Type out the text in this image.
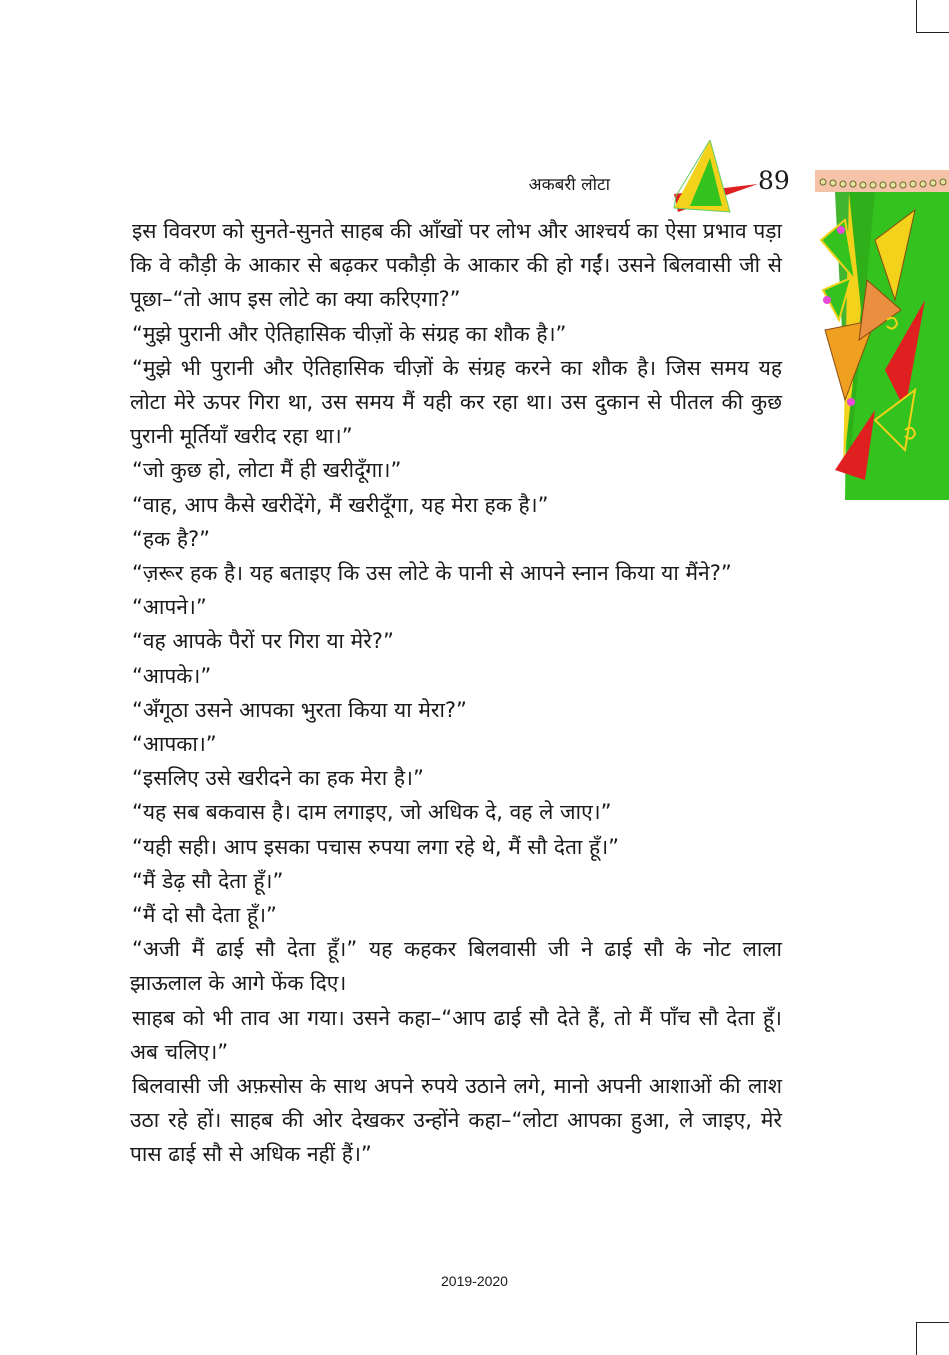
अकबरी लोटा	89

इस विवरण को सुनते-सुनते साहब की आँखों पर लोभ और आश्चर्य का ऐसा प्रभाव पड़ा कि वे कौड़ी के आकार से बढ़कर पकौड़ी के आकार की हो गईं। उसने बिलवासी जी से पूछा–“तो आप इस लोटे का क्या करिएगा?”

“मुझे पुरानी और ऐतिहासिक चीज़ों के संग्रह का शौक है।”

“मुझे भी पुरानी और ऐतिहासिक चीज़ों के संग्रह करने का शौक है। जिस समय यह लोटा मेरे ऊपर गिरा था, उस समय मैं यही कर रहा था। उस दुकान से पीतल की कुछ पुरानी मूर्तियाँ खरीद रहा था।”

“जो कुछ हो, लोटा मैं ही खरीदूँगा।”

“वाह, आप कैसे खरीदेंगे, मैं खरीदूँगा, यह मेरा हक है।”

“हक है?”

“ज़रूर हक है। यह बताइए कि उस लोटे के पानी से आपने स्नान किया या मैंने?”

“आपने।”

“वह आपके पैरों पर गिरा या मेरे?”

“आपके।”

“अँगूठा उसने आपका भुरता किया या मेरा?”

“आपका।”

“इसलिए उसे खरीदने का हक मेरा है।”

“यह सब बकवास है। दाम लगाइए, जो अधिक दे, वह ले जाए।”

“यही सही। आप इसका पचास रुपया लगा रहे थे, मैं सौ देता हूँ।”

“मैं डेढ़ सौ देता हूँ।”

“मैं दो सौ देता हूँ।”

“अजी मैं ढाई सौ देता हूँ।” यह कहकर बिलवासी जी ने ढाई सौ के नोट लाला झाऊलाल के आगे फेंक दिए।

साहब को भी ताव आ गया। उसने कहा–“आप ढाई सौ देते हैं, तो मैं पाँच सौ देता हूँ। अब चलिए।”

बिलवासी जी अफ़सोस के साथ अपने रुपये उठाने लगे, मानो अपनी आशाओं की लाश उठा रहे हों। साहब की ओर देखकर उन्होंने कहा–“लोटा आपका हुआ, ले जाइए, मेरे पास ढाई सौ से अधिक नहीं हैं।”

2019-2020
